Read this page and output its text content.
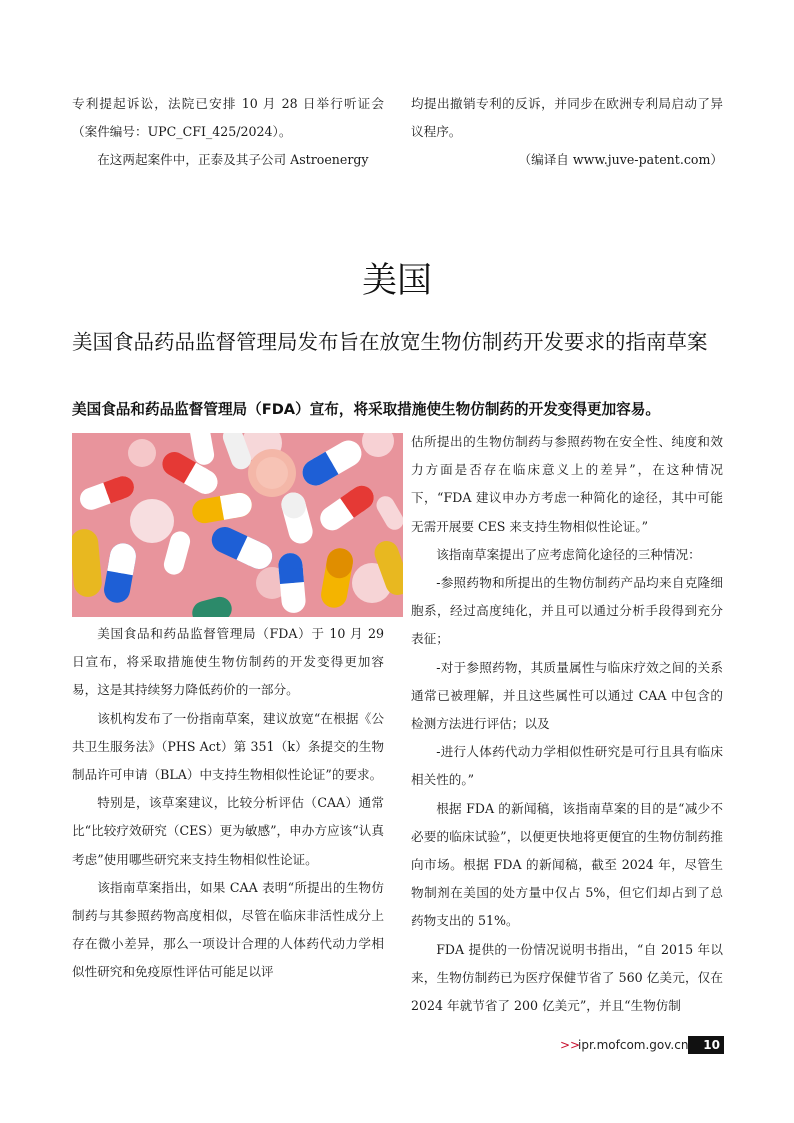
专利提起诉讼，法院已安排 10 月 28 日举行听证会（案件编号：UPC_CFI_425/2024）。

在这两起案件中，正泰及其子公司 Astroenergy

均提出撤销专利的反诉，并同步在欧洲专利局启动了异议程序。

（编译自 www.juve-patent.com）

美国
美国食品药品监督管理局发布旨在放宽生物仿制药开发要求的指南草案
美国食品和药品监督管理局（FDA）宣布，将采取措施使生物仿制药的开发变得更加容易。

美国食品和药品监督管理局（FDA）于 10 月 29 日宣布，将采取措施使生物仿制药的开发变得更加容易，这是其持续努力降低药价的一部分。

该机构发布了一份指南草案，建议放宽“在根据《公共卫生服务法》（PHS Act）第 351（k）条提交的生物制品许可申请（BLA）中支持生物相似性论证”的要求。

特别是，该草案建议，比较分析评估（CAA）通常比“比较疗效研究（CES）更为敏感”，申办方应该“认真考虑”使用哪些研究来支持生物相似性论证。

该指南草案指出，如果 CAA 表明“所提出的生物仿制药与其参照药物高度相似，尽管在临床非活性成分上存在微小差异，那么一项设计合理的人体药代动力学相似性研究和免疫原性评估可能足以评

估所提出的生物仿制药与参照药物在安全性、纯度和效力方面是否存在临床意义上的差异”，在这种情况下，“FDA 建议申办方考虑一种简化的途径，其中可能无需开展要 CES 来支持生物相似性论证。”

该指南草案提出了应考虑简化途径的三种情况：

-参照药物和所提出的生物仿制药产品均来自克隆细胞系，经过高度纯化，并且可以通过分析手段得到充分表征；

-对于参照药物，其质量属性与临床疗效之间的关系通常已被理解，并且这些属性可以通过 CAA 中包含的检测方法进行评估；以及

-进行人体药代动力学相似性研究是可行且具有临床相关性的。”

根据 FDA 的新闻稿，该指南草案的目的是“减少不必要的临床试验”，以便更快地将更便宜的生物仿制药推向市场。根据 FDA 的新闻稿，截至 2024 年，尽管生物制剂在美国的处方量中仅占 5%，但它们却占到了总药物支出的 51%。

FDA 提供的一份情况说明书指出，“自 2015 年以来，生物仿制药已为医疗保健节省了 560 亿美元，仅在 2024 年就节省了 200 亿美元”，并且“生物仿制

>>
ipr.mofcom.gov.cn	10
